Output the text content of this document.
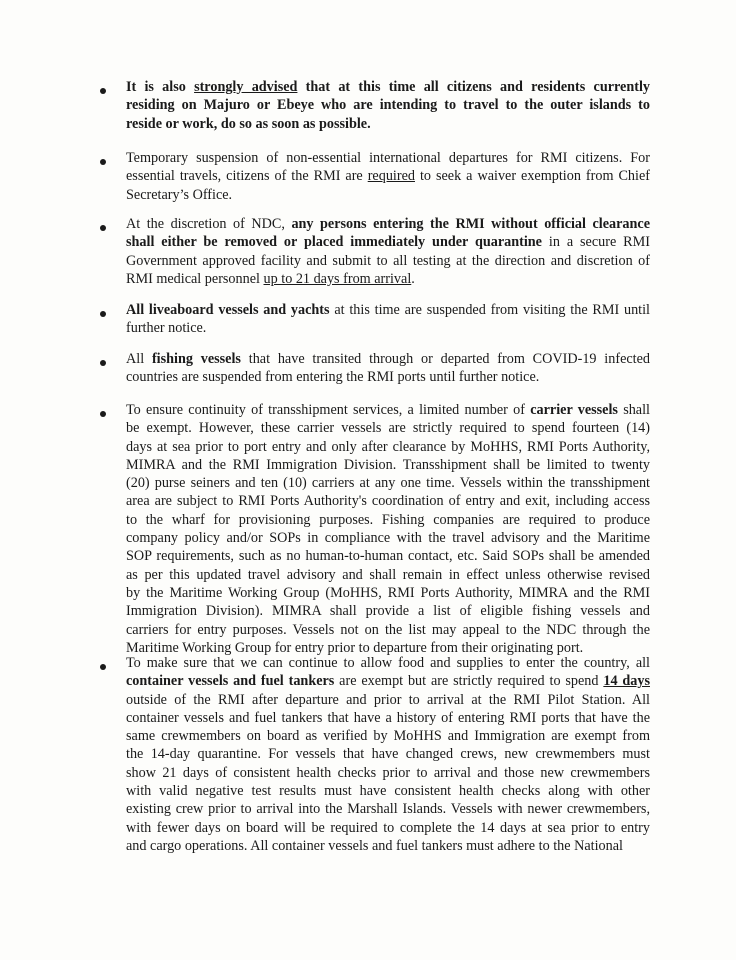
It is also strongly advised that at this time all citizens and residents currently
residing on Majuro or Ebeye who are intending to travel to the outer islands to
reside or work, do so as soon as possible.
Temporary suspension of non-essential international departures for RMI citizens. For
essential travels, citizens of the RMI are required to seek a waiver exemption from Chief
Secretary’s Office.
At the discretion of NDC, any persons entering the RMI without official clearance
shall either be removed or placed immediately under quarantine in a secure RMI
Government approved facility and submit to all testing at the direction and discretion of
RMI medical personnel up to 21 days from arrival.
All liveaboard vessels and yachts at this time are suspended from visiting the RMI until
further notice.
All fishing vessels that have transited through or departed from COVID-19 infected
countries are suspended from entering the RMI ports until further notice.
To ensure continuity of transshipment services, a limited number of carrier vessels shall
be exempt. However, these carrier vessels are strictly required to spend fourteen (14)
days at sea prior to port entry and only after clearance by MoHHS, RMI Ports Authority,
MIMRA and the RMI Immigration Division. Transshipment shall be limited to twenty
(20) purse seiners and ten (10) carriers at any one time. Vessels within the transshipment
area are subject to RMI Ports Authority's coordination of entry and exit, including access
to the wharf for provisioning purposes. Fishing companies are required to produce
company policy and/or SOPs in compliance with the travel advisory and the Maritime
SOP requirements, such as no human-to-human contact, etc. Said SOPs shall be amended
as per this updated travel advisory and shall remain in effect unless otherwise revised
by the Maritime Working Group (MoHHS, RMI Ports Authority, MIMRA and the RMI
Immigration Division). MIMRA shall provide a list of eligible fishing vessels and
carriers for entry purposes. Vessels not on the list may appeal to the NDC through the
Maritime Working Group for entry prior to departure from their originating port.
To make sure that we can continue to allow food and supplies to enter the country, all
container vessels and fuel tankers are exempt but are strictly required to spend 14 days
outside of the RMI after departure and prior to arrival at the RMI Pilot Station. All
container vessels and fuel tankers that have a history of entering RMI ports that have the
same crewmembers on board as verified by MoHHS and Immigration are exempt from
the 14-day quarantine. For vessels that have changed crews, new crewmembers must
show 21 days of consistent health checks prior to arrival and those new crewmembers
with valid negative test results must have consistent health checks along with other
existing crew prior to arrival into the Marshall Islands. Vessels with newer crewmembers,
with fewer days on board will be required to complete the 14 days at sea prior to entry
and cargo operations. All container vessels and fuel tankers must adhere to the National
